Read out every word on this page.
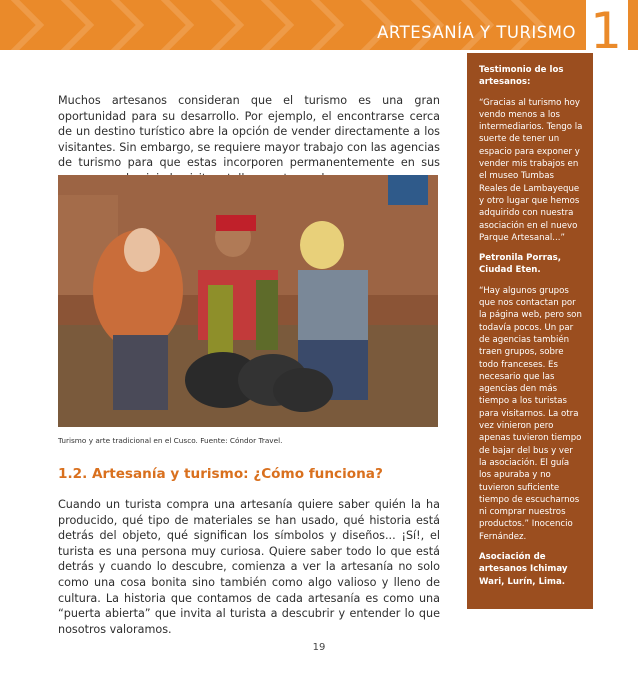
ARTESANÍA Y TURISMO 1

Muchos artesanos consideran que el turismo es una gran oportunidad para su desarrollo. Por ejemplo, el encontrarse cerca de un destino turístico abre la opción de vender directamente a los visitantes. Sin embargo, se requiere mayor trabajo con las agencias de turismo para que estas incorporen permanentemente en sus

Turismo y arte tradicional en el Cusco. Fuente: Cóndor Travel.

1.2. Artesanía y turismo: ¿Cómo funciona?

Cuando un turista compra una artesanía quiere saber quién la ha producido, qué tipo de materiales se han usado, qué historia está detrás del objeto, qué significan los símbolos y diseños... ¡Sí!, el turista es una persona muy curiosa. Quiere saber todo lo que está detrás y cuando lo descubre, comienza a ver la artesanía no solo como una cosa bonita sino también como algo valioso y lleno de cultura. La historia que contamos de cada artesanía es como una “puerta abierta” que invita al turista a descubrir y entender lo que nosotros valoramos.

Testimonio de los artesanos:

“Gracias al turismo hoy vendo menos a los intermediarios. Tengo la suerte de tener un espacio para exponer y vender mis trabajos en el museo Tumbas Reales de Lambayeque y otro lugar que hemos adquirido con nuestra asociación en el nuevo Parque Artesanal...”

Petronila Porras, Ciudad Eten.

“Hay algunos grupos que nos contactan por la página web, pero son todavía pocos. Un par de agencias también traen grupos, sobre todo franceses. Es necesario que las agencias den más tiempo a los turistas para visitarnos. La otra vez vinieron pero apenas tuvieron tiempo de bajar del bus y ver la asociación. El guía los apuraba y no tuvieron suficiente tiempo de escucharnos ni comprar nuestros productos.” Inocencio Fernández.

Asociación de artesanos Ichimay Wari, Lurín, Lima.

19
